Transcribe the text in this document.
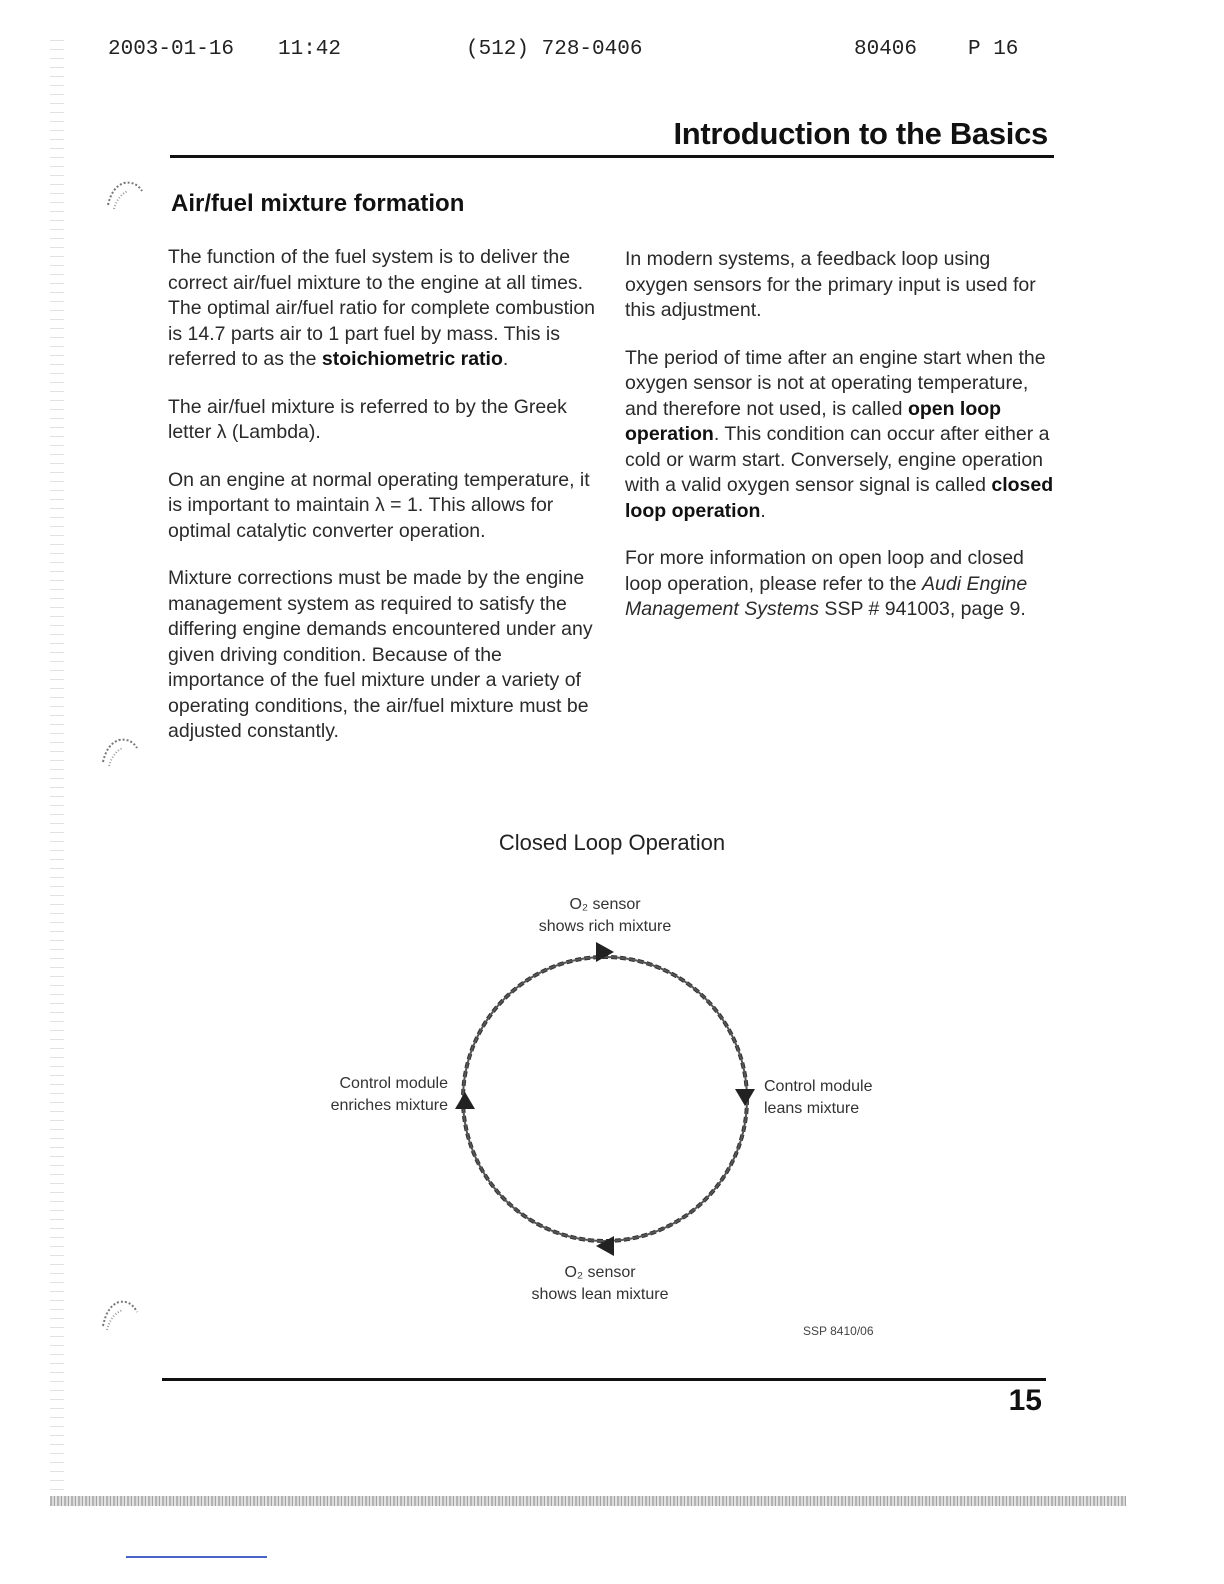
2003-01-16 11:42	(512) 728-0406	80406 P 16
Introduction to the Basics
Air/fuel mixture formation

The function of the fuel system is to deliver the correct air/fuel mixture to the engine at all times. The optimal air/fuel ratio for complete combustion is 14.7 parts air to 1 part fuel by mass. This is referred to as the stoichiometric ratio.

The air/fuel mixture is referred to by the Greek letter λ (Lambda).

On an engine at normal operating temperature, it is important to maintain λ = 1. This allows for optimal catalytic converter operation.

Mixture corrections must be made by the engine management system as required to satisfy the differing engine demands encountered under any given driving condition. Because of the importance of the fuel mixture under a variety of operating conditions, the air/fuel mixture must be adjusted constantly.

In modern systems, a feedback loop using oxygen sensors for the primary input is used for this adjustment.

The period of time after an engine start when the oxygen sensor is not at operating temperature, and therefore not used, is called open loop operation. This condition can occur after either a cold or warm start. Conversely, engine operation with a valid oxygen sensor signal is called closed loop operation.

For more information on open loop and closed loop operation, please refer to the Audi Engine Management Systems SSP # 941003, page 9.

Closed Loop Operation
O₂ sensor
shows rich mixture
Control module
leans mixture
O₂ sensor
shows lean mixture
Control module
enriches mixture
SSP 8410/06
15
